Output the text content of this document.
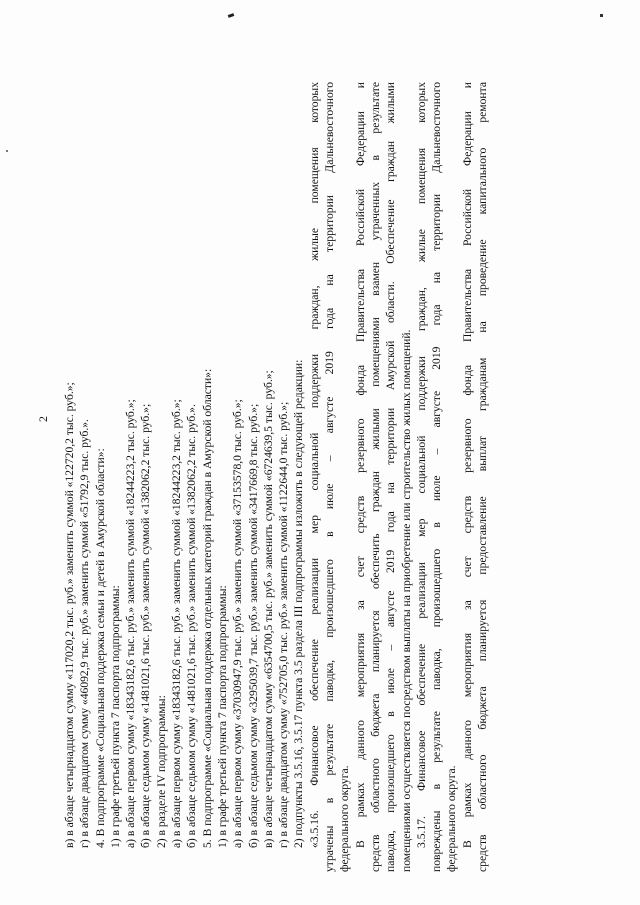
2 в) в абзаце четырнадцатом сумму «117020,2 тыс. руб.» заменить суммой «122720,2 тыс. руб.»; г) в абзаце двадцатом сумму «46092,9 тыс. руб.» заменить суммой «51792,9 тыс. руб.». 4. В подпрограмме «Социальная поддержка семьи и детей в Амурской области»: 1) в графе третьей пункта 7 паспорта подпрограммы: а) в абзаце первом сумму «18343182,6 тыс. руб.» заменить суммой «18244223,2 тыс. руб.»; б) в абзаце седьмом сумму «1481021,6 тыс. руб.» заменить суммой «1382062,2 тыс. руб.»; 2) в разделе IV подпрограммы: а) в абзаце первом сумму «18343182,6 тыс. руб.» заменить суммой «18244223,2 тыс. руб.»; б) в абзаце седьмом сумму «1481021,6 тыс. руб.» заменить суммой «1382062,2 тыс. руб.». 5. В подпрограмме «Социальная поддержка отдельных категорий граждан в Амурской области»: 1) в графе третьей пункта 7 паспорта подпрограммы: а) в абзаце первом сумму «37030947,9 тыс. руб.» заменить суммой «37153578,0 тыс. руб.»; б) в абзаце седьмом сумму «3295039,7 тыс. руб.» заменить суммой «3417669,8 тыс. руб.»; в) в абзаце четырнадцатом сумму «6354700,5 тыс. руб.» заменить суммой «6724639,5 тыс. руб.»; г) в абзаце двадцатом сумму «752705,0 тыс. руб.» заменить суммой «1122644,0 тыс. руб.»; 2) подпункты 3.5.16, 3.5.17 пункта 3.5 раздела III подпрограммы изложить в следующей редакции: «3.5.16. Финансовое обеспечение реализации мер социальной поддержки граждан, жилые помещения которых утрачены в результате паводка, произошедшего в июле – августе 2019 года на территории Дальневосточного федерального округа. В рамках данного мероприятия за счет средств резервного фонда Правительства Российской Федерации и средств областного бюджета планируется обеспечить граждан жилыми помещениями взамен утраченных в результате паводка, произошедшего в июле – августе 2019 года на территории Амурской области. Обеспечение граждан жилыми помещениями осуществляется посредством выплаты на приобретение или строительство жилых помещений. 3.5.17. Финансовое обеспечение реализации мер социальной поддержки граждан, жилые помещения которых повреждены в результате паводка, произошедшего в июле – августе 2019 года на территории Дальневосточного федерального округа. В рамках данного мероприятия за счет средств резервного фонда Правительства Российской Федерации и средств областного бюджета планируется предоставление выплат гражданам на проведение капитального ремонта
